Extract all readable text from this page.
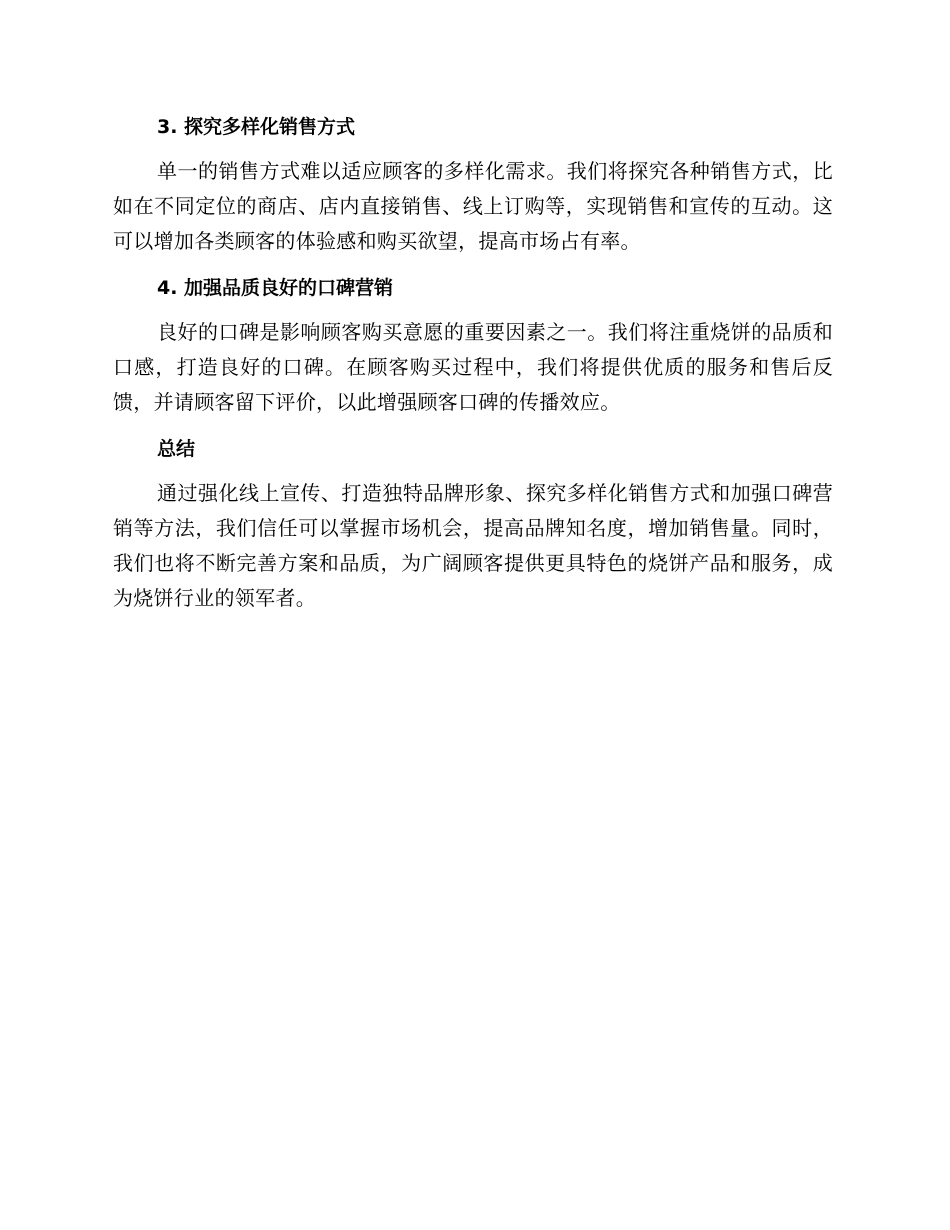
3. 探究多样化销售方式

单一的销售方式难以适应顾客的多样化需求。我们将探究各种销售方式，比如在不同定位的商店、店内直接销售、线上订购等，实现销售和宣传的互动。这可以增加各类顾客的体验感和购买欲望，提高市场占有率。

4. 加强品质良好的口碑营销

良好的口碑是影响顾客购买意愿的重要因素之一。我们将注重烧饼的品质和口感，打造良好的口碑。在顾客购买过程中，我们将提供优质的服务和售后反馈，并请顾客留下评价，以此增强顾客口碑的传播效应。

总结

通过强化线上宣传、打造独特品牌形象、探究多样化销售方式和加强口碑营销等方法，我们信任可以掌握市场机会，提高品牌知名度，增加销售量。同时，我们也将不断完善方案和品质，为广阔顾客提供更具特色的烧饼产品和服务，成为烧饼行业的领军者。
